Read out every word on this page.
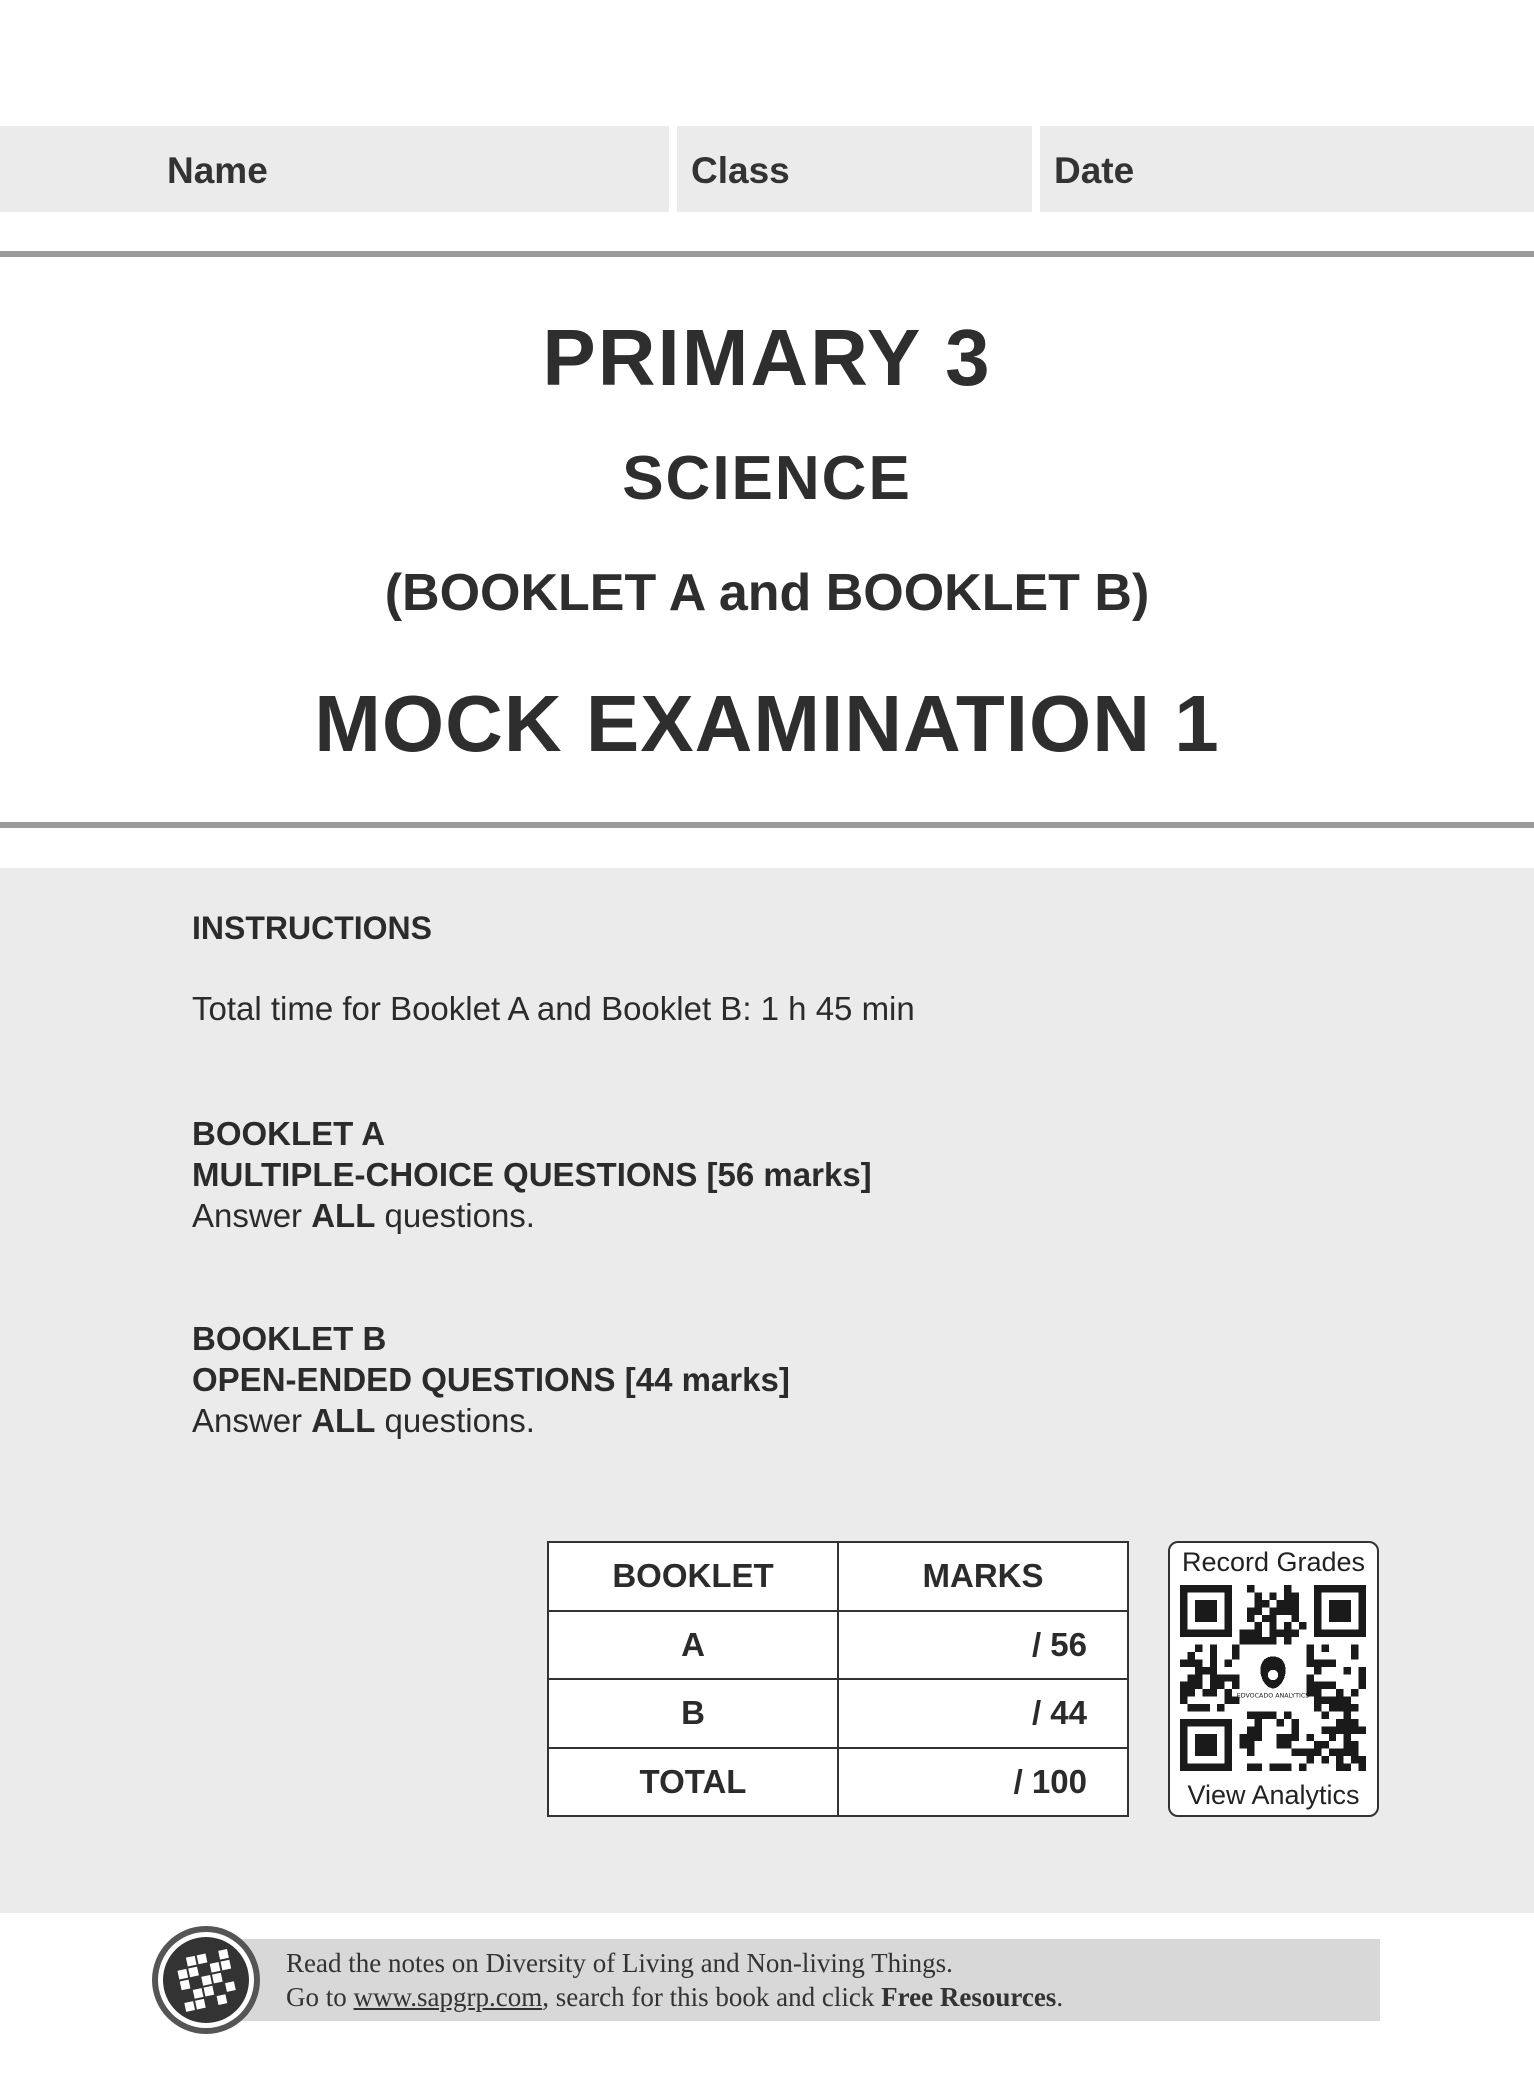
Name	Class	Date
PRIMARY 3
SCIENCE
(BOOKLET A and BOOKLET B)
MOCK EXAMINATION 1
INSTRUCTIONS
Total time for Booklet A and Booklet B: 1 h 45 min
BOOKLET A
MULTIPLE-CHOICE QUESTIONS [56 marks]
Answer ALL questions.
BOOKLET B
OPEN-ENDED QUESTIONS [44 marks]
Answer ALL questions.
BOOKLET	MARKS
A	/ 56
B	/ 44
TOTAL	/ 100
Record Grades
View Analytics
Read the notes on Diversity of Living and Non-living Things.
Go to www.sapgrp.com, search for this book and click Free Resources.
